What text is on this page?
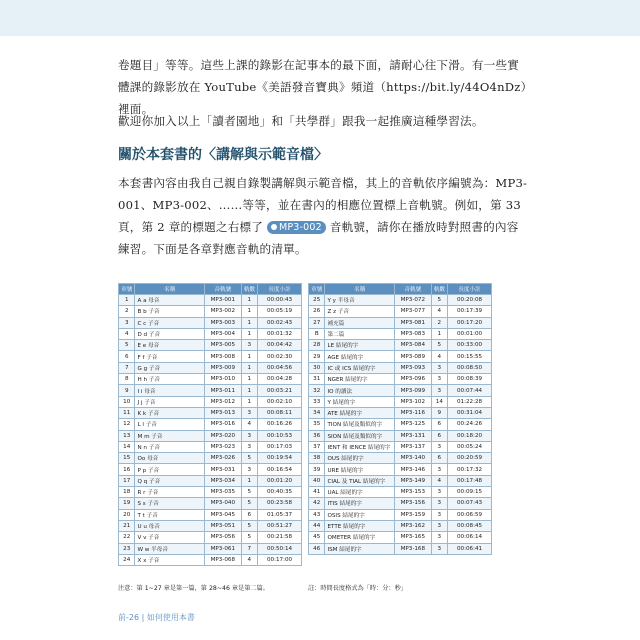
卷題目」等等。這些上課的錄影在記事本的最下面，請耐心往下滑。有一些實體課的錄影放在 YouTube《美語發音寶典》頻道（https://bit.ly/44O4nDz）裡面。
歡迎你加入以上「讀者園地」和「共學群」跟我一起推廣這種學習法。
關於本套書的〈講解與示範音檔〉
本套書內容由我自己親自錄製講解與示範音檔，其上的音軌依序編號為：MP3-001、MP3-002、……等等，並在書內的相應位置標上音軌號。例如，第 33 頁，第 2 章的標題之右標了 MP3-002 音軌號，請你在播放時對照書的內容練習。下面是各章對應音軌的清單。
章號	名稱	音軌號	軌數	長度小計
1	A a 母音	MP3-001	1	00:00:43
2	B b 子音	MP3-002	1	00:05:19
3	C c 子音	MP3-003	1	00:02:43
4	D d 子音	MP3-004	1	00:01:32
5	E e 母音	MP3-005	3	00:04:42
6	F f 子音	MP3-008	1	00:02:30
7	G g 子音	MP3-009	1	00:04:56
8	H h 子音	MP3-010	1	00:04:28
9	I i 母音	MP3-011	1	00:03:21
10	J j 子音	MP3-012	1	00:02:10
11	K k 子音	MP3-013	3	00:08:11
12	L l 子音	MP3-016	4	00:16:26
13	M m 子音	MP3-020	3	00:10:53
14	N n 子音	MP3-023	3	00:17:03
15	Oo 母音	MP3-026	5	00:19:54
16	P p 子音	MP3-031	3	00:16:54
17	Q q 子音	MP3-034	1	00:01:20
18	R r 子音	MP3-035	5	00:40:35
19	S s 子音	MP3-040	5	00:23:58
20	T t 子音	MP3-045	6	01:05:37
21	U u 母音	MP3-051	5	00:51:27
22	V v 子音	MP3-056	5	00:21:58
23	W w 半母音	MP3-061	7	00:50:14
24	X x 子音	MP3-068	4	00:17:00
章號	名稱	音軌號	軌數	長度小計
25	Y y 半母音	MP3-072	5	00:20:08
26	Z z 子音	MP3-077	4	00:17:39
27	補充篇	MP3-081	2	00:17:20
B	第二篇	MP3-083	1	00:01:00
28	LE 結尾的字	MP3-084	5	00:33:00
29	AGE 結尾的字	MP3-089	4	00:15:55
30	IC 或 ICS 結尾的字	MP3-093	3	00:08:50
31	NGER 結尾的字	MP3-096	3	00:08:39
32	IO 的讀法	MP3-099	3	00:07:44
33	Y 結尾的字	MP3-102	14	01:22:28
34	ATE 結尾的字	MP3-116	9	00:31:04
35	TION 結尾及類似的字	MP3-125	6	00:24:26
36	SION 結尾及類似的字	MP3-131	6	00:18:20
37	IENT 和 IENCE 結尾的字	MP3-137	3	00:05:24
38	OUS 結尾的字	MP3-140	6	00:20:59
39	URE 結尾的字	MP3-146	3	00:17:32
40	CIAL 及 TIAL 結尾的字	MP3-149	4	00:17:48
41	UAL 結尾的字	MP3-153	3	00:09:15
42	ITIS 結尾的字	MP3-156	3	00:07:43
43	OSIS 結尾的字	MP3-159	3	00:06:59
44	ETTE 結尾的字	MP3-162	3	00:08:45
45	OMETER 結尾的字	MP3-165	3	00:06:14
46	ISM 結尾的字	MP3-168	3	00:06:41
注意：第 1~27 章是第一篇，第 28~46 章是第二篇。	註：時間長度格式為「時：分：秒」
前-26 | 如何使用本書
